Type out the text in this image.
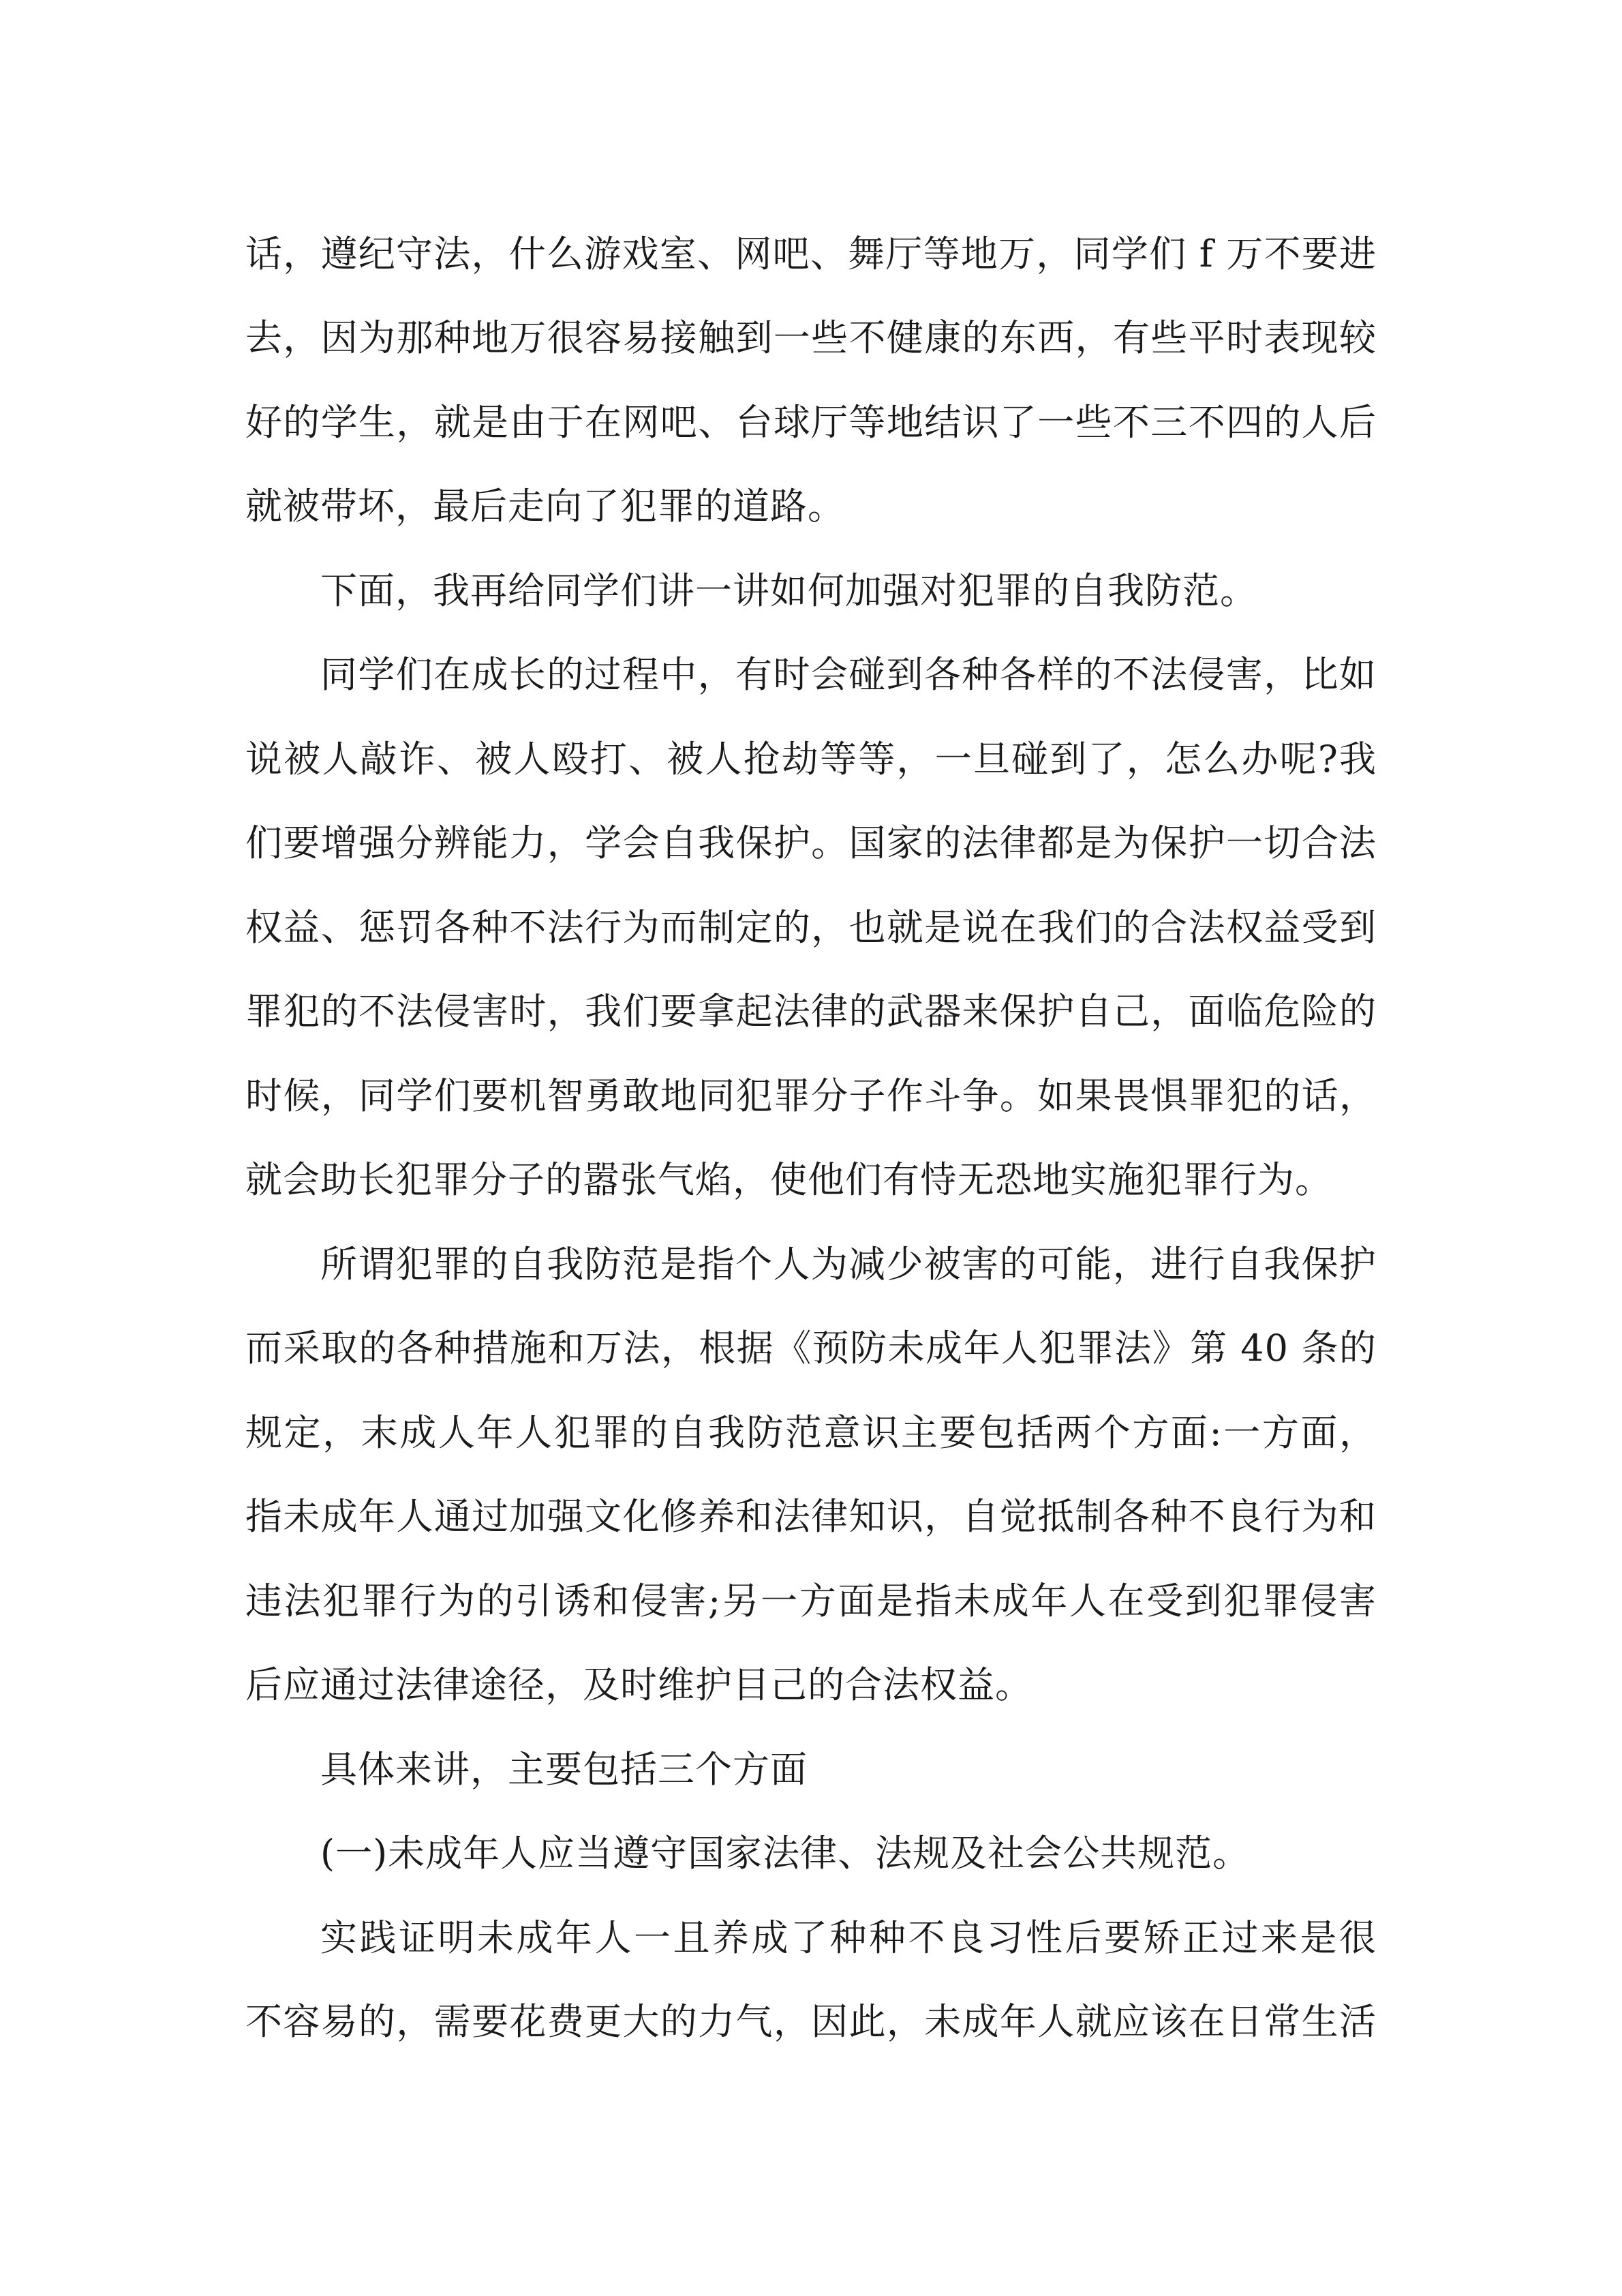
话，遵纪守法，什么游戏室、网吧、舞厅等地万，同学们 f 万不要进
去，因为那种地万很容易接触到一些不健康的东西，有些平时表现较
好的学生，就是由于在网吧、台球厅等地结识了一些不三不四的人后
就被带坏，最后走向了犯罪的道路。
下面，我再给同学们讲一讲如何加强对犯罪的自我防范。
同学们在成长的过程中，有时会碰到各种各样的不法侵害，比如
说被人敲诈、被人殴打、被人抢劫等等，一旦碰到了，怎么办呢?我
们要增强分辨能力，学会自我保护。国家的法律都是为保护一切合法
权益、惩罚各种不法行为而制定的，也就是说在我们的合法权益受到
罪犯的不法侵害时，我们要拿起法律的武器来保护自己，面临危险的
时候，同学们要机智勇敢地同犯罪分子作斗争。如果畏惧罪犯的话，
就会助长犯罪分子的嚣张气焰，使他们有恃无恐地实施犯罪行为。
所谓犯罪的自我防范是指个人为减少被害的可能，进行自我保护
而采取的各种措施和万法，根据《预防未成年人犯罪法》第 40 条的
规定，末成人年人犯罪的自我防范意识主要包括两个方面:一方面，
指未成年人通过加强文化修养和法律知识，自觉抵制各种不良行为和
违法犯罪行为的引诱和侵害;另一方面是指未成年人在受到犯罪侵害
后应通过法律途径，及时维护目己的合法权益。
具体来讲，主要包括三个方面
(一)未成年人应当遵守国家法律、法规及社会公共规范。
实践证明未成年人一且养成了种种不良习性后要矫正过来是很
不容易的，需要花费更大的力气，因此，未成年人就应该在日常生活
